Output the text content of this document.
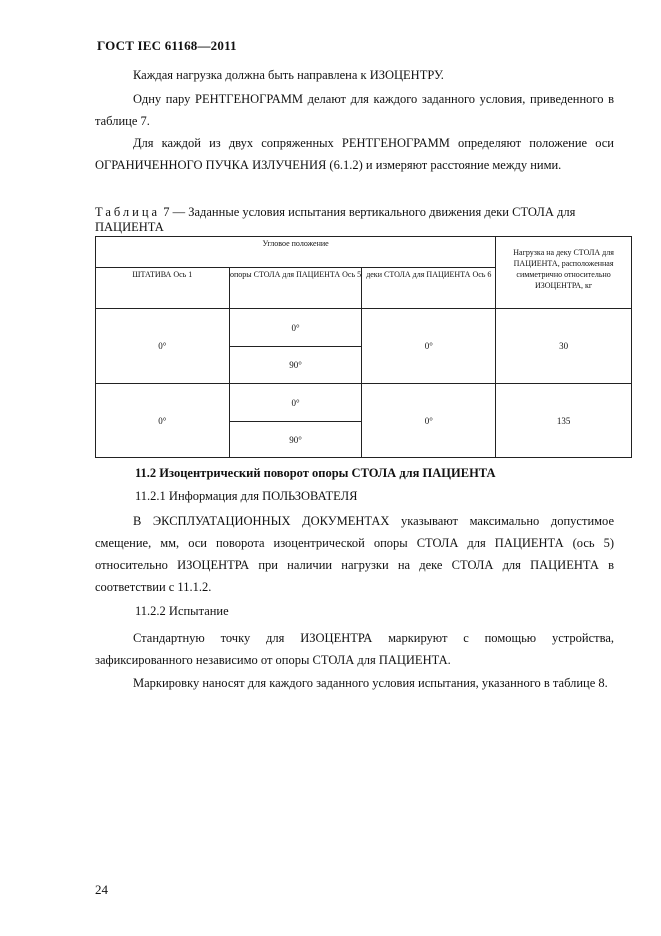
ГОСТ IEC 61168—2011
Каждая нагрузка должна быть направлена к ИЗОЦЕНТРУ.
Одну пару РЕНТГЕНОГРАММ делают для каждого заданного условия, приведенного в таблице 7.
Для каждой из двух сопряженных РЕНТГЕНОГРАММ определяют положение оси ОГРАНИЧЕННОГО ПУЧКА ИЗЛУЧЕНИЯ (6.1.2) и измеряют расстояние между ними.
Таблица 7 — Заданные условия испытания вертикального движения деки СТОЛА для ПАЦИЕНТА
Угловое положение			Нагрузка на деку СТОЛА для ПАЦИЕНТА, расположенная симметрично относительно ИЗОЦЕНТРА, кг
ШТАТИВА Ось 1	опоры СТОЛА для ПАЦИЕНТА Ось 5	деки СТОЛА для ПАЦИЕНТА Ось 6	
0°	0°	0°	30
	90°		
0°	0°	0°	135
	90°		
11.2 Изоцентрический поворот опоры СТОЛА для ПАЦИЕНТА
11.2.1 Информация для ПОЛЬЗОВАТЕЛЯ
В ЭКСПЛУАТАЦИОННЫХ ДОКУМЕНТАХ указывают максимально допустимое смещение, мм, оси поворота изоцентрической опоры СТОЛА для ПАЦИЕНТА (ось 5) относительно ИЗОЦЕНТРА при наличии нагрузки на деке СТОЛА для ПАЦИЕНТА в соответствии с 11.1.2.
11.2.2 Испытание
Стандартную точку для ИЗОЦЕНТРА маркируют с помощью устройства, зафиксированного независимо от опоры СТОЛА для ПАЦИЕНТА.
Маркировку наносят для каждого заданного условия испытания, указанного в таблице 8.
24
